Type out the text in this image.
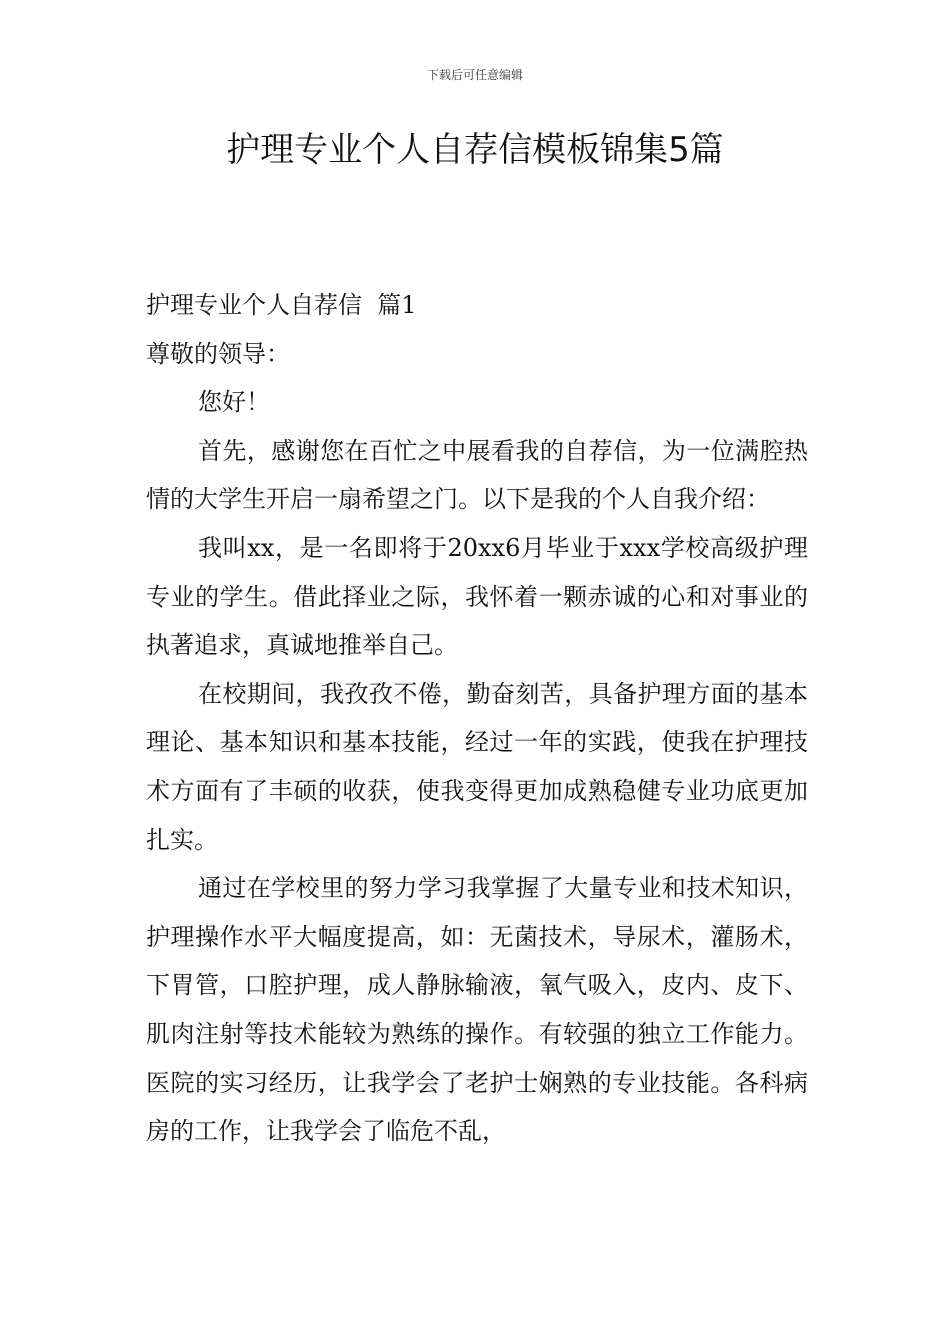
下载后可任意编辑
护理专业个人自荐信模板锦集5篇

护理专业个人自荐信  篇1

尊敬的领导：

您好！

首先，感谢您在百忙之中展看我的自荐信，为一位满腔热情的大学生开启一扇希望之门。以下是我的个人自我介绍：

我叫xx，是一名即将于20xx6月毕业于xxx学校高级护理专业的学生。借此择业之际，我怀着一颗赤诚的心和对事业的执著追求，真诚地推举自己。

在校期间，我孜孜不倦，勤奋刻苦，具备护理方面的基本理论、基本知识和基本技能，经过一年的实践，使我在护理技术方面有了丰硕的收获，使我变得更加成熟稳健专业功底更加扎实。

通过在学校里的努力学习我掌握了大量专业和技术知识，护理操作水平大幅度提高，如：无菌技术，导尿术，灌肠术，下胃管，口腔护理，成人静脉输液，氧气吸入，皮内、皮下、肌肉注射等技术能较为熟练的操作。有较强的独立工作能力。医院的实习经历，让我学会了老护士娴熟的专业技能。各科病房的工作，让我学会了临危不乱，
